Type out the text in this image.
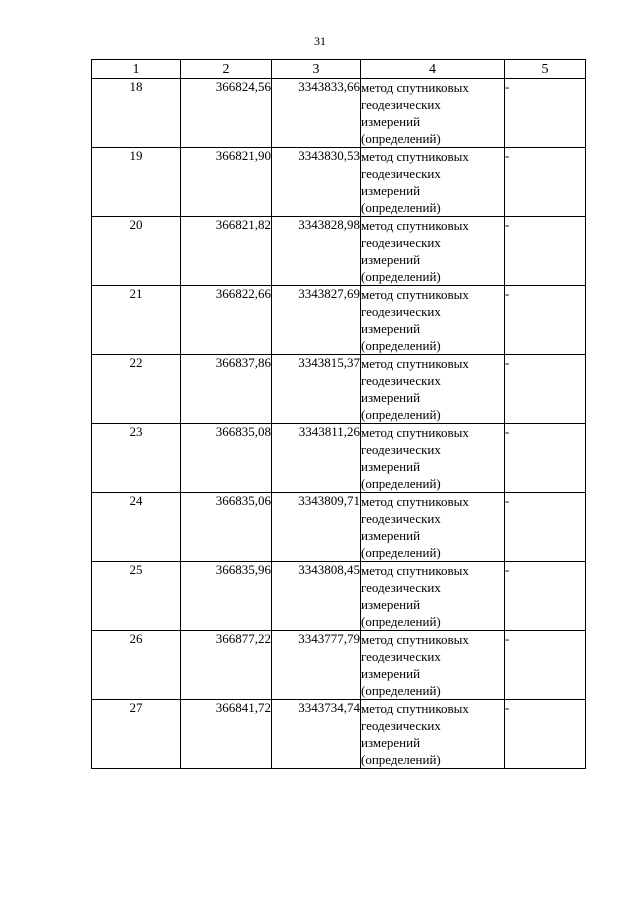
31
1	2	3	4	5
18	366824,56	3343833,66	метод спутниковых
геодезических
измерений
(определений)	-
19	366821,90	3343830,53	метод спутниковых
геодезических
измерений
(определений)	-
20	366821,82	3343828,98	метод спутниковых
геодезических
измерений
(определений)	-
21	366822,66	3343827,69	метод спутниковых
геодезических
измерений
(определений)	-
22	366837,86	3343815,37	метод спутниковых
геодезических
измерений
(определений)	-
23	366835,08	3343811,26	метод спутниковых
геодезических
измерений
(определений)	-
24	366835,06	3343809,71	метод спутниковых
геодезических
измерений
(определений)	-
25	366835,96	3343808,45	метод спутниковых
геодезических
измерений
(определений)	-
26	366877,22	3343777,79	метод спутниковых
геодезических
измерений
(определений)	-
27	366841,72	3343734,74	метод спутниковых
геодезических
измерений
(определений)	-
